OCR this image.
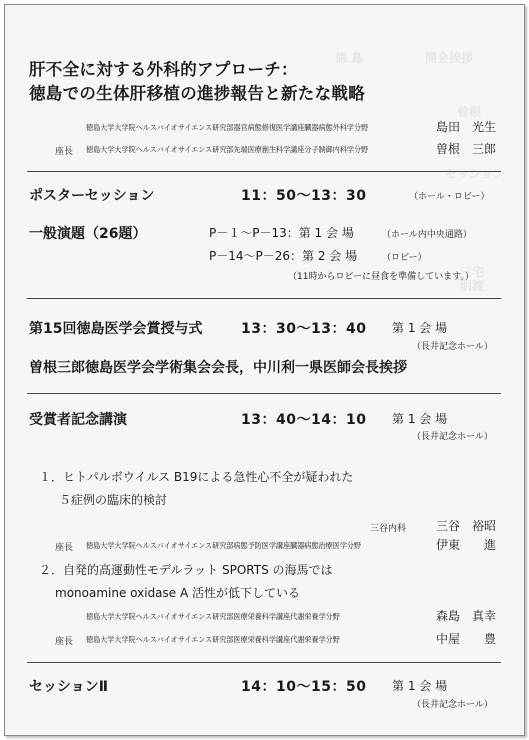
開会挨拶
徳 島
曾根
セッション
三宅
明渡
肝不全に対する外科的アプローチ：
徳島での生体肝移植の進捗報告と新たな戦略
徳島大学大学院ヘルスバイオサイエンス研究部器官病態修復医学講座臓器病態外科学分野	島田　光生
座長 徳島大学大学院ヘルスバイオサイエンス研究部先端医療創生科学講座分子制御内科学分野	曽根　三郎
ポスターセッション	11：50〜13：30	（ホール・ロビー）
一般演題（26題）	P－１〜P－13：第 1 会 場	（ホール内中央通路）
P－14〜P－26：第 2 会 場	（ロビー）
（11時からロビーに昼食を準備しています。）
第15回徳島医学会賞授与式	13：30〜13：40 第 1 会 場
（長井記念ホール）
曽根三郎徳島医学会学術集会会長，中川利一県医師会長挨拶
受賞者記念講演	13：40〜14：10 第 1 会 場
（長井記念ホール）
１．ヒトパルボウイルス B19による急性心不全が疑われた
５症例の臨床的検討
三谷内科 三谷　裕昭
座長 徳島大学大学院ヘルスバイオサイエンス研究部病態予防医学講座臓器病態治療医学分野	伊東　　進
２．自発的高運動性モデルラット SPORTS の海馬では
monoamine oxidase A 活性が低下している
徳島大学大学院ヘルスバイオサイエンス研究部医療栄養科学講座代謝栄養学分野	森島　真幸
座長 徳島大学大学院ヘルスバイオサイエンス研究部医療栄養科学講座代謝栄養学分野	中屋　　豊
セッションⅡ	14：10〜15：50 第 1 会 場
（長井記念ホール）
